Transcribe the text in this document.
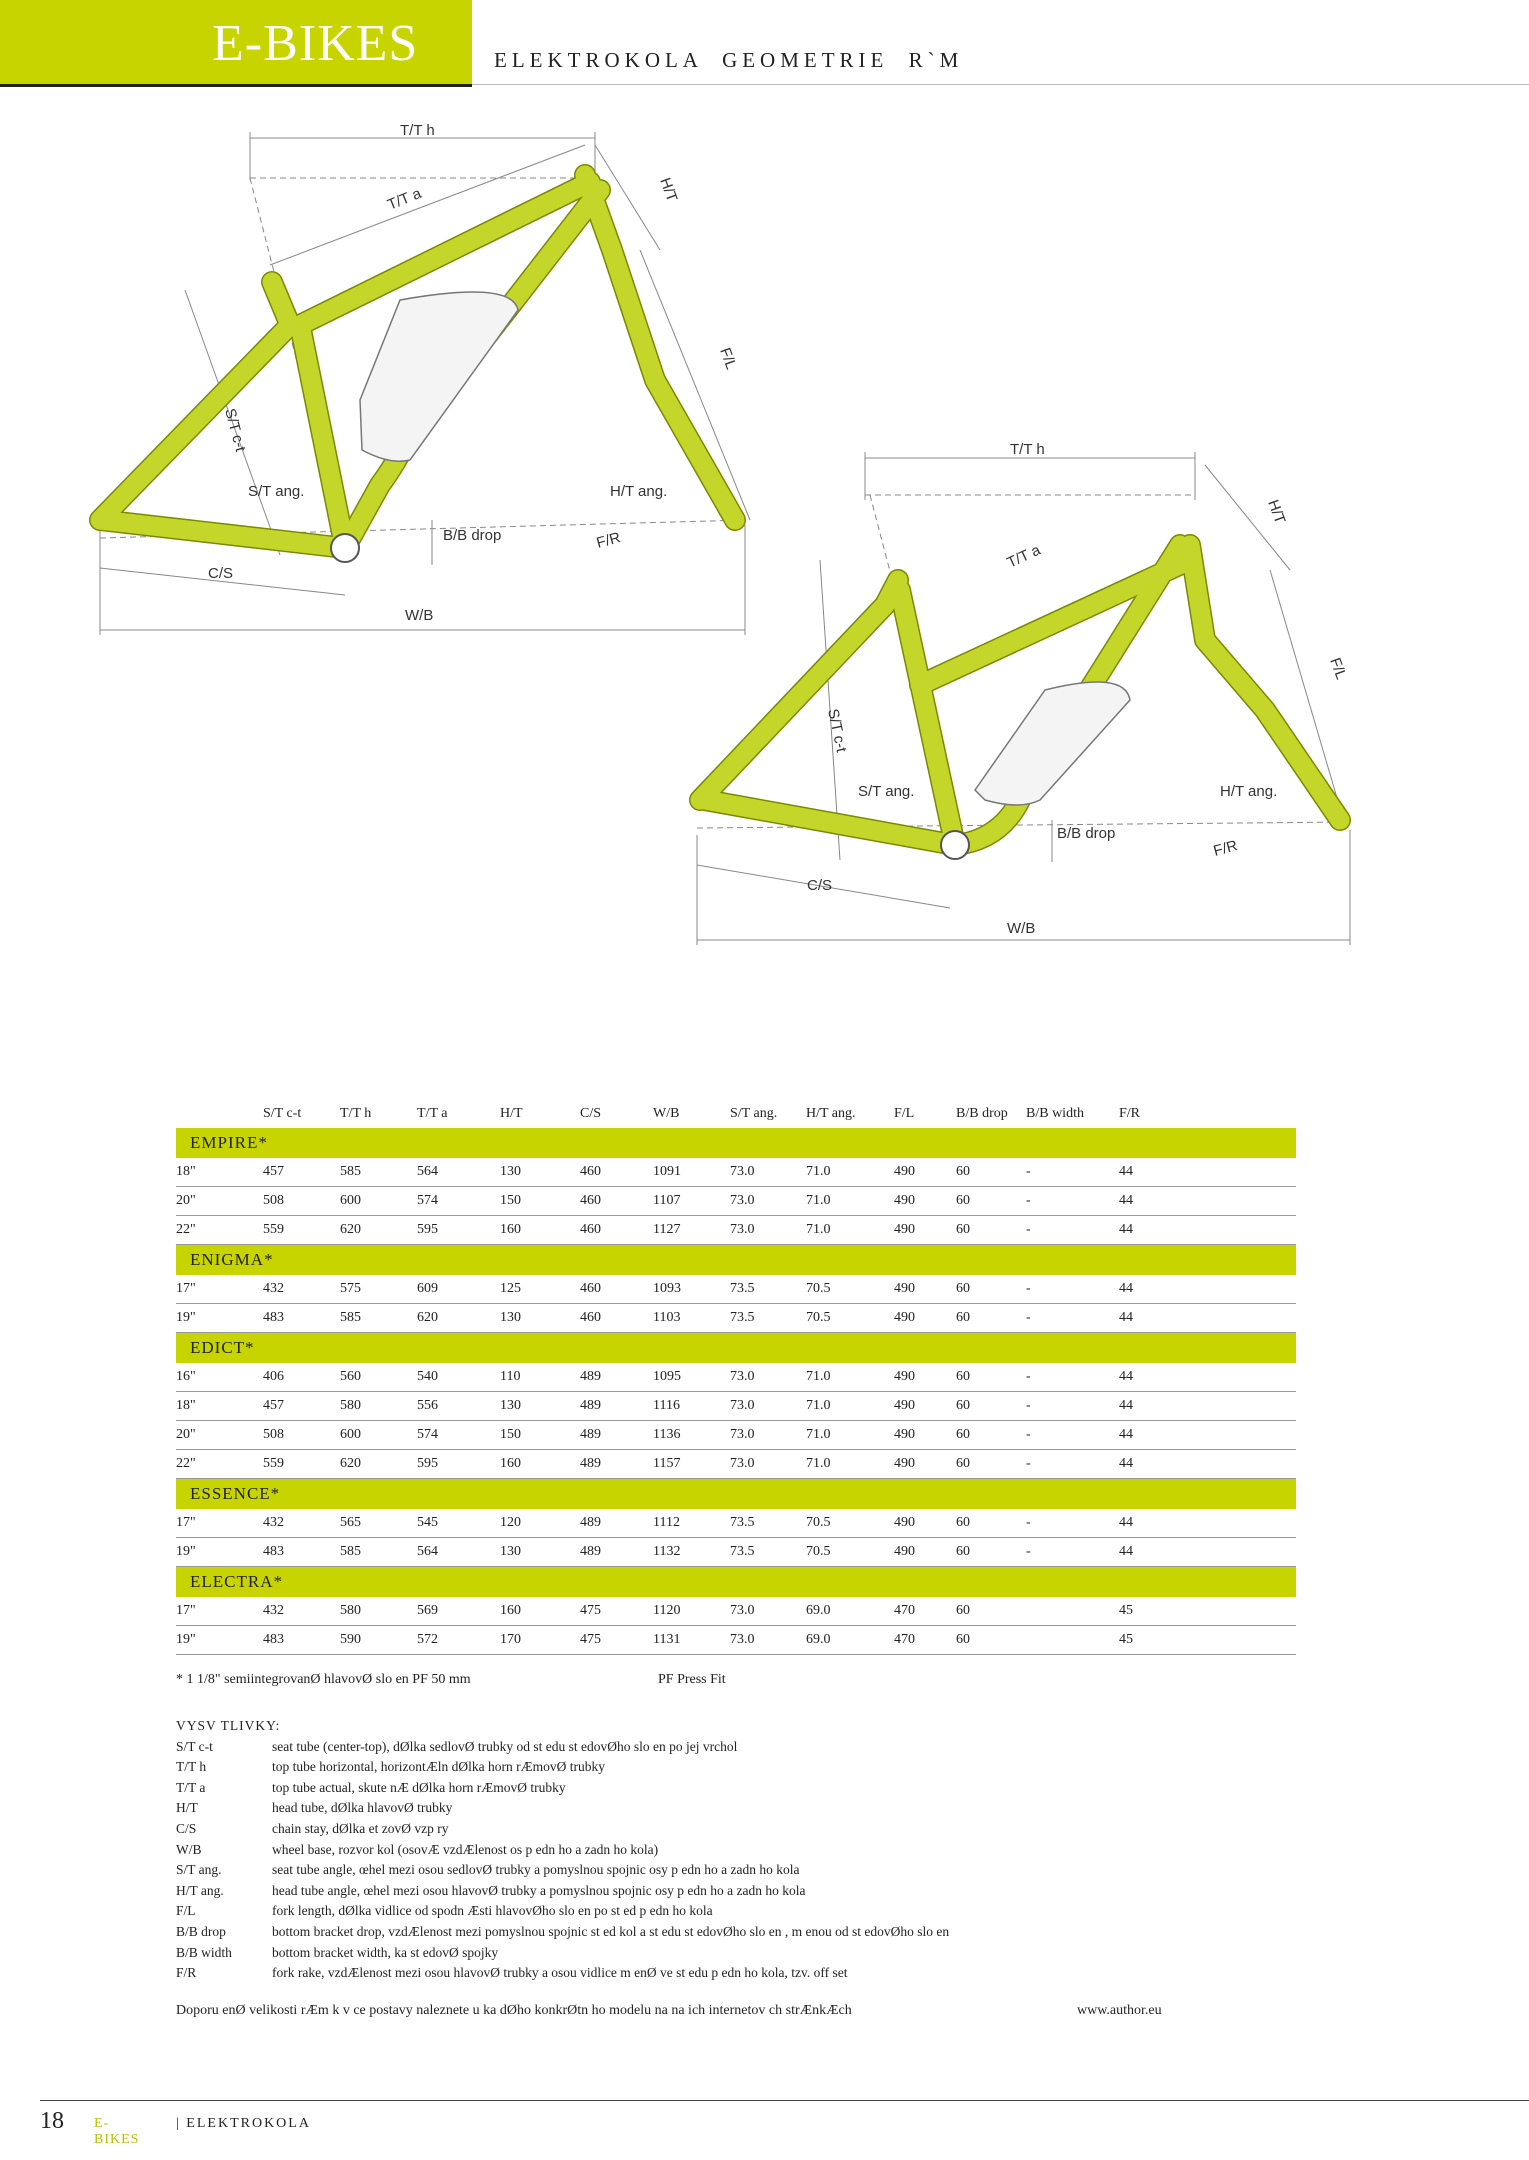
E-BIKES	ELEKTROKOLA GEOMETRIE R`M
T/T h
T/T a	H/T
F/L
S/T c-t
S/T ang.	H/T ang.
B/B drop	F/R
C/S
W/B
T/T h
T/T a
H/T
F/L
S/T c-t
S/T ang.	H/T ang.
B/B drop
F/R
C/S
W/B
	S/T c-t	T/T h	T/T a	H/T	C/S	W/B	S/T ang.	H/T ang.	F/L	B/B drop	B/B width	F/R
EMPIRE*												
18"	457	585	564	130	460	1091	73.0	71.0	490	60	-	44
20"	508	600	574	150	460	1107	73.0	71.0	490	60	-	44
22"	559	620	595	160	460	1127	73.0	71.0	490	60	-	44
ENIGMA*												
17"	432	575	609	125	460	1093	73.5	70.5	490	60	-	44
19"	483	585	620	130	460	1103	73.5	70.5	490	60	-	44
EDICT*												
16"	406	560	540	110	489	1095	73.0	71.0	490	60	-	44
18"	457	580	556	130	489	1116	73.0	71.0	490	60	-	44
20"	508	600	574	150	489	1136	73.0	71.0	490	60	-	44
22"	559	620	595	160	489	1157	73.0	71.0	490	60	-	44
ESSENCE*												
17"	432	565	545	120	489	1112	73.5	70.5	490	60	-	44
19"	483	585	564	130	489	1132	73.5	70.5	490	60	-	44
ELECTRA*												
17"	432	580	569	160	475	1120	73.0	69.0	470	60		45
19"	483	590	572	170	475	1131	73.0	69.0	470	60		45
* 1 1/8" semiintegrovanØ hlavovØ slo en PF 50 mm	PF Press Fit
VYSV TLIVKY:
S/T c-t	seat tube (center-top), dØlka sedlovØ trubky od st edu st edovØho slo en po jej vrchol
T/T h	top tube horizontal, horizontÆln dØlka horn rÆmovØ trubky
T/T a	top tube actual, skute nÆ dØlka horn rÆmovØ trubky
H/T	head tube, dØlka hlavovØ trubky
C/S	chain stay, dØlka et zovØ vzp ry
W/B	wheel base, rozvor kol (osovÆ vzdÆlenost os p edn ho a zadn ho kola)
S/T ang.	seat tube angle, œhel mezi osou sedlovØ trubky a pomyslnou spojnic osy p edn ho a zadn ho kola
H/T ang.	head tube angle, œhel mezi osou hlavovØ trubky a pomyslnou spojnic osy p edn ho a zadn ho kola
F/L	fork length, dØlka vidlice od spodn Æsti hlavovØho slo en po st ed p edn ho kola
B/B drop	bottom bracket drop, vzdÆlenost mezi pomyslnou spojnic st ed kol a st edu st edovØho slo en , m enou od st edovØho slo en
B/B width	bottom bracket width, ka st edovØ spojky
F/R	fork rake, vzdÆlenost mezi osou hlavovØ trubky a osou vidlice m enØ ve st edu p edn ho kola, tzv. off set
Doporu enØ velikosti rÆm k v ce postavy naleznete u ka dØho konkrØtn ho modelu na na ich internetov ch strÆnkÆch	www.author.eu
18 E-BIKES
| ELEKTROKOLA
